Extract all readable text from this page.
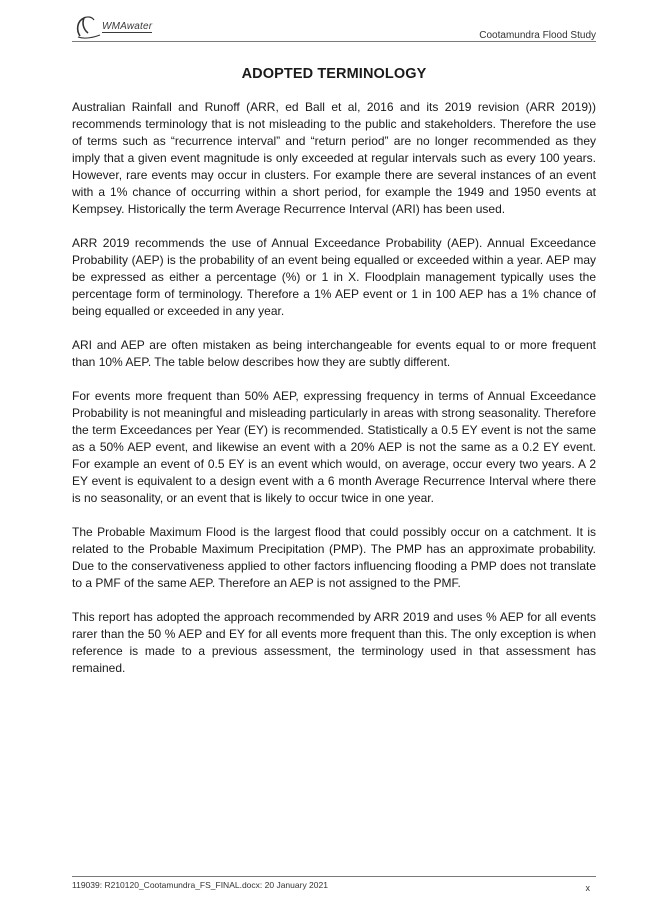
WMAwater
Cootamundra Flood Study
ADOPTED TERMINOLOGY

Australian Rainfall and Runoff (ARR, ed Ball et al, 2016 and its 2019 revision (ARR 2019)) recommends terminology that is not misleading to the public and stakeholders. Therefore the use of terms such as “recurrence interval” and “return period” are no longer recommended as they imply that a given event magnitude is only exceeded at regular intervals such as every 100 years. However, rare events may occur in clusters. For example there are several instances of an event with a 1% chance of occurring within a short period, for example the 1949 and 1950 events at Kempsey. Historically the term Average Recurrence Interval (ARI) has been used.

ARR 2019 recommends the use of Annual Exceedance Probability (AEP). Annual Exceedance Probability (AEP) is the probability of an event being equalled or exceeded within a year. AEP may be expressed as either a percentage (%) or 1 in X. Floodplain management typically uses the percentage form of terminology. Therefore a 1% AEP event or 1 in 100 AEP has a 1% chance of being equalled or exceeded in any year.

ARI and AEP are often mistaken as being interchangeable for events equal to or more frequent than 10% AEP. The table below describes how they are subtly different.

For events more frequent than 50% AEP, expressing frequency in terms of Annual Exceedance Probability is not meaningful and misleading particularly in areas with strong seasonality. Therefore the term Exceedances per Year (EY) is recommended. Statistically a 0.5 EY event is not the same as a 50% AEP event, and likewise an event with a 20% AEP is not the same as a 0.2 EY event. For example an event of 0.5 EY is an event which would, on average, occur every two years. A 2 EY event is equivalent to a design event with a 6 month Average Recurrence Interval where there is no seasonality, or an event that is likely to occur twice in one year.

The Probable Maximum Flood is the largest flood that could possibly occur on a catchment. It is related to the Probable Maximum Precipitation (PMP). The PMP has an approximate probability. Due to the conservativeness applied to other factors influencing flooding a PMP does not translate to a PMF of the same AEP. Therefore an AEP is not assigned to the PMF.

This report has adopted the approach recommended by ARR 2019 and uses % AEP for all events rarer than the 50 % AEP and EY for all events more frequent than this. The only exception is when reference is made to a previous assessment, the terminology used in that assessment has remained.

119039: R210120_Cootamundra_FS_FINAL.docx: 20 January 2021	x
